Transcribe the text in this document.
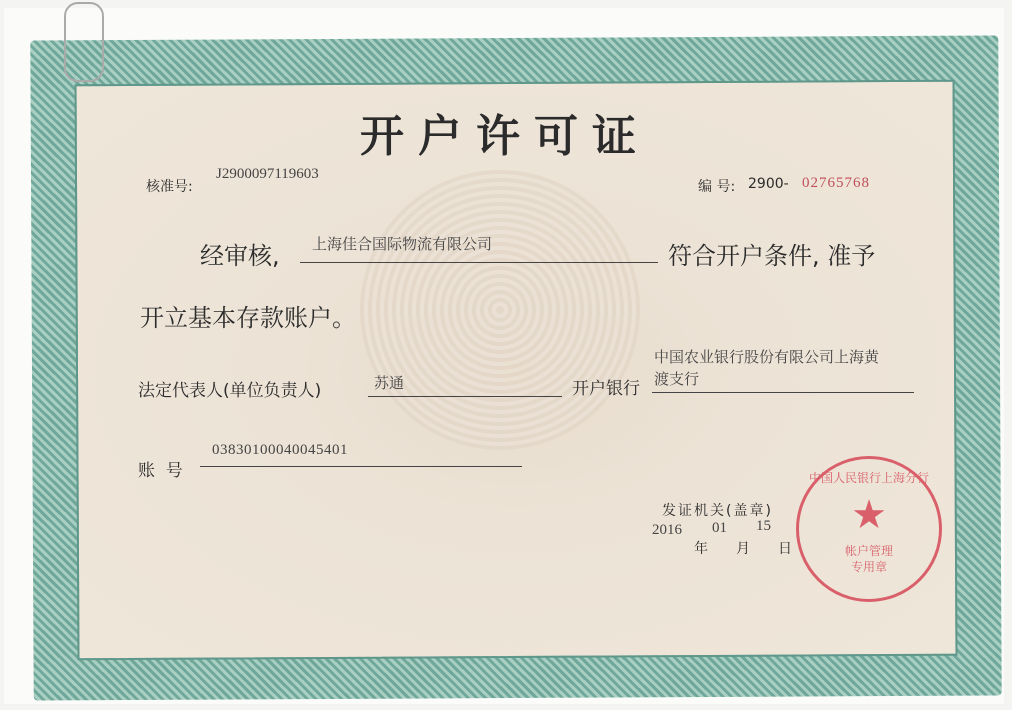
开户许可证
核准号:
J2900097119603
编 号: 2900- 02765768
经审核, 上海佳合国际物流有限公司	符合开户条件, 准予
开立基本存款账户。
法定代表人(单位负责人)	苏通	开户银行
中国农业银行股份有限公司上海黄
渡支行
账  号
03830100040045401
发证机关(盖章)
2016
年
01
月
15
日
中国人民银行上海分行
★
帐户管理
专用章
